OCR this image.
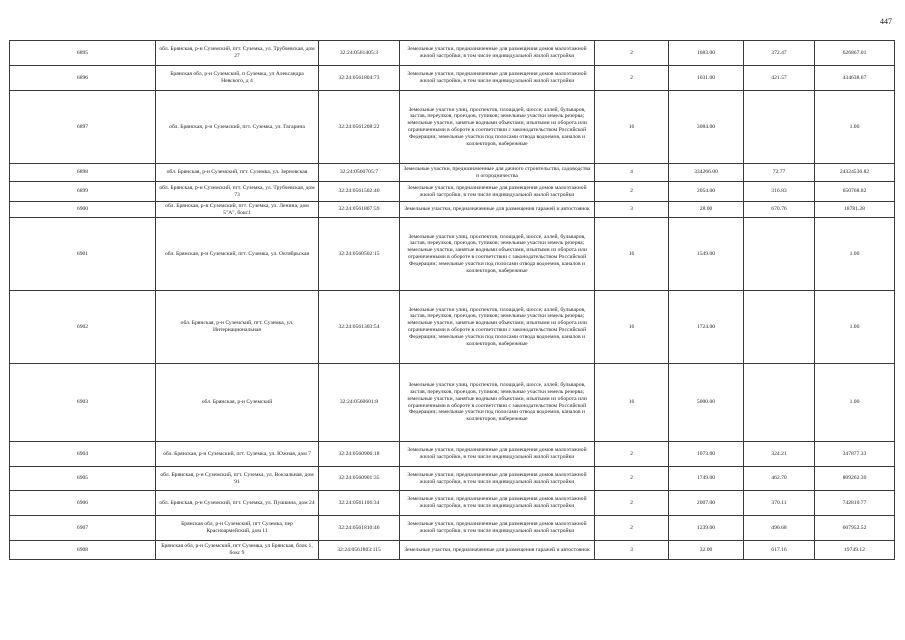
447
6895	обл. Брянская, р-н Суземский, пгт. Суземка, ул. Трубчевская, дом 27	32:24:0561405:3	Земельные участки, предназначенные для размещения домов малоэтажной жилой застройки, в том числе индивидуальной жилой застройки	2	1683.00	372.47	626867.01
6896	Брянская обл, р-н Суземский, п Суземка, ул Александра Невского, д 4	32:24:0561804:73	Земельные участки, предназначенные для размещения домов малоэтажной жилой застройки, в том числе индивидуальной жилой застройки	2	1031.00	421.57	434638.67
6897	обл. Брянская, р-н Суземский, пгт. Суземка, ул. Гагарина	32:24:0561208:22	Земельные участки улиц, проспектов, площадей, шоссе, аллей, бульваров, застав, переулков, проездов, тупиков; земельные участки земель резерва; земельные участки, занятые водными объектами, изъятыми из оборота или ограниченными в обороте в соответствии с законодательством Российской Федерации; земельные участки под полосами отвода водоемов, каналов и коллекторов, набережные	16	3084.00		1.00
6898	обл. Брянская, р-н Суземский, пгт. Суземка, ул. Зерновская	32:24:0560705:7	Земельные участки, предназначенные для дачного строительства, садоводства и огородничества	4	334266.00	72.77	24324536.82
6899	обл. Брянская, р-н Суземский, пгт. Суземка, ул. Трубчевская, дом 73	32:24:0561502:40	Земельные участки, предназначенные для размещения домов малоэтажной жилой застройки, в том числе индивидуальной жилой застройки	2	2054.00	316.83	650768.82
6900	обл. Брянская, р-н Суземский, пгт. Суземка, ул. Ленина, дом 5"А", бокс1	32:24:0561807:59	Земельные участки, предназначенные для размещения гаражей и автостоянок	3	28.00	670.76	18781.28
6901	обл. Брянская, р-н Суземский, пгт. Суземка, ул. Октябрьская	32:24:0560502:15	Земельные участки улиц, проспектов, площадей, шоссе, аллей, бульваров, застав, переулков, проездов, тупиков; земельные участки земель резерва; земельные участки, занятые водными объектами, изъятыми из оборота или ограниченными в обороте в соответствии с законодательством Российской Федерации; земельные участки под полосами отвода водоемов, каналов и коллекторов, набережные	16	1549.00		1.00
6902	обл. Брянская, р-н Суземский, пгт. Суземка, ул. Интернациональная	32:24:0561303:54	Земельные участки улиц, проспектов, площадей, шоссе, аллей, бульваров, застав, переулков, проездов, тупиков; земельные участки земель резерва; земельные участки, занятые водными объектами, изъятыми из оборота или ограниченными в обороте в соответствии с законодательством Российской Федерации; земельные участки под полосами отвода водоемов, каналов и коллекторов, набережные	16	1724.00		1.00
6903	обл. Брянская, р-н Суземский	32:24:0560601:8	Земельные участки улиц, проспектов, площадей, шоссе, аллей, бульваров, застав, переулков, проездов, тупиков; земельные участки земель резерва; земельные участки, занятые водными объектами, изъятыми из оборота или ограниченными в обороте в соответствии с законодательством Российской Федерации; земельные участки под полосами отвода водоемов, каналов и коллекторов, набережные	16	5000.00		1.00
6904	обл. Брянская, р-н Суземский, пгт. Суземка, ул. Южная, дом 7	32:24:0560906:18	Земельные участки, предназначенные для размещения домов малоэтажной жилой застройки, в том числе индивидуальной жилой застройки	2	1073.00	324.21	347877.33
6905	обл. Брянская, р-н Суземский, пгт. Суземка, ул. Вокзальная, дом 91	32:24:0560901:35	Земельные участки, предназначенные для размещения домов малоэтажной жилой застройки, в том числе индивидуальной жилой застройки	2	1749.00	462.70	809262.30
6906	обл. Брянская, р-н Суземский, пгт. Суземка, ул. Пушкина, дом 24	32:24:0561106:34	Земельные участки, предназначенные для размещения домов малоэтажной жилой застройки, в том числе индивидуальной жилой застройки	2	2007.00	370.11	742810.77
6907	Брянская обл, р-н Суземский, пгт Суземка, пер Красноармейский, дом 11	32:24:0561810:46	Земельные участки, предназначенные для размещения домов малоэтажной жилой застройки, в том числе индивидуальной жилой застройки	2	1239.00	490.68	607952.52
6908	Брянская обл, р-н Суземский, пгт Суземка, ул Брянская, блок 1, бокс 9	32:24:0561803:115	Земельные участки, предназначенные для размещения гаражей и автостоянок	3	32.00	617.16	19749.12
